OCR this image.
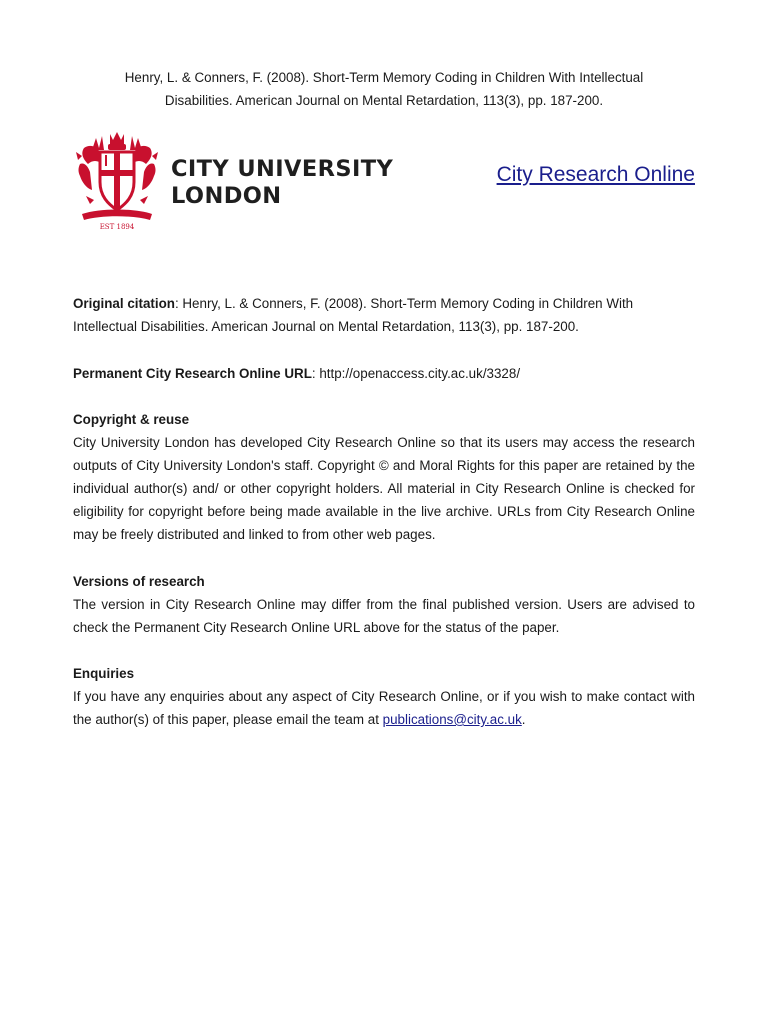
Henry, L. & Conners, F. (2008). Short-Term Memory Coding in Children With Intellectual
Disabilities. American Journal on Mental Retardation, 113(3), pp. 187-200.
EST 1894
CITY UNIVERSITY
LONDON
City Research Online
Original citation: Henry, L. & Conners, F. (2008). Short-Term Memory Coding in Children With Intellectual Disabilities. American Journal on Mental Retardation, 113(3), pp. 187-200.
Permanent City Research Online URL: http://openaccess.city.ac.uk/3328/
Copyright & reuse
City University London has developed City Research Online so that its users may access the research outputs of City University London's staff. Copyright © and Moral Rights for this paper are retained by the individual author(s) and/ or other copyright holders. All material in City Research Online is checked for eligibility for copyright before being made available in the live archive. URLs from City Research Online may be freely distributed and linked to from other web pages.
Versions of research
The version in City Research Online may differ from the final published version. Users are advised to check the Permanent City Research Online URL above for the status of the paper.
Enquiries
If you have any enquiries about any aspect of City Research Online, or if you wish to make contact with the author(s) of this paper, please email the team at publications@city.ac.uk.
